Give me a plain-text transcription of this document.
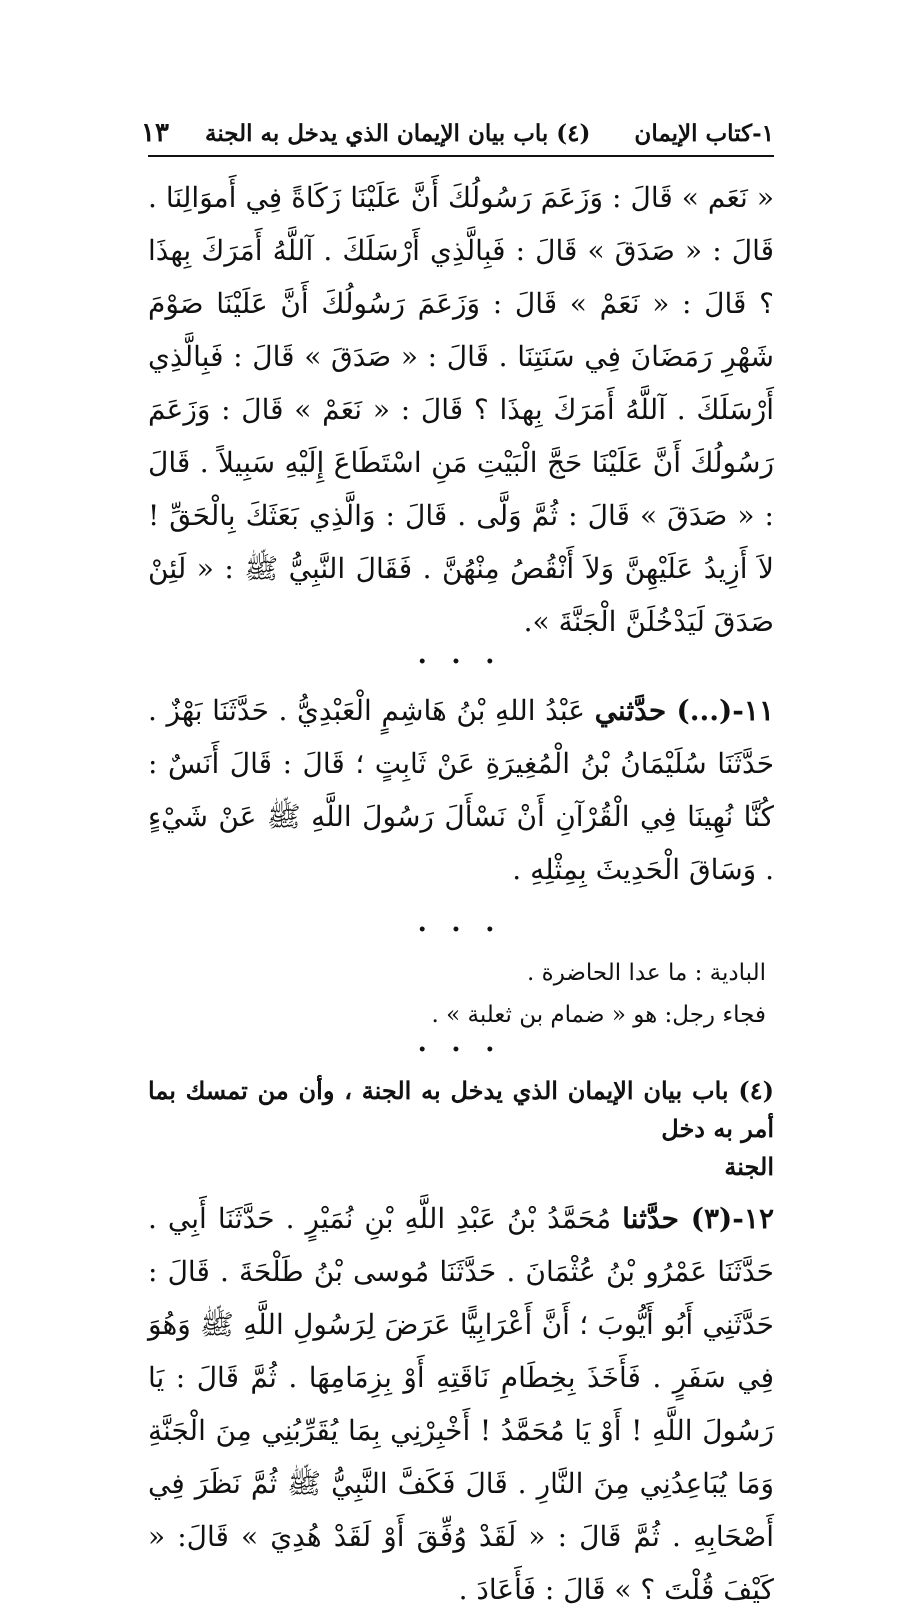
١-كتاب الإيمان (٤) باب بيان الإيمان الذي يدخل به الجنة
١٣

« نَعَم » قَالَ : وَزَعَمَ رَسُولُكَ أَنَّ عَلَيْنَا زَكَاةً فِي أَموَالِنَا . قَالَ : « صَدَقَ » قَالَ : فَبِالَّذِي أَرْسَلَكَ . آللَّهُ أَمَرَكَ بِهذَا ؟ قَالَ : « نَعَمْ » قَالَ : وَزَعَمَ رَسُولُكَ أَنَّ عَلَيْنَا صَوْمَ شَهْرِ رَمَضَانَ فِي سَنَتِنَا . قَالَ : « صَدَقَ » قَالَ : فَبِالَّذِي أَرْسَلَكَ . آللَّهُ أَمَرَكَ بِهذَا ؟ قَالَ : « نَعَمْ » قَالَ : وَزَعَمَ رَسُولُكَ أَنَّ عَلَيْنَا حَجَّ الْبَيْتِ مَنِ اسْتَطَاعَ إِلَيْهِ سَبِيلاً . قَالَ : « صَدَقَ » قَالَ : ثُمَّ وَلَّى . قَالَ : وَالَّذِي بَعَثَكَ بِالْحَقِّ ! لاَ أَزِيدُ عَلَيْهِنَّ وَلاَ أَنْقُصُ مِنْهُنَّ . فَقَالَ النَّبِيُّ ﷺ : « لَئِنْ صَدَقَ لَيَدْخُلَنَّ الْجَنَّةَ ».

• • •

١١-(...) حدَّثني عَبْدُ اللهِ بْنُ هَاشِمٍ الْعَبْدِيُّ . حَدَّثَنَا بَهْزٌ . حَدَّثَنَا سُلَيْمَانُ بْنُ الْمُغِيرَةِ عَنْ ثَابِتٍ ؛ قَالَ : قَالَ أَنَسٌ : كُنَّا نُهِينَا فِي الْقُرْآنِ أَنْ نَسْأَلَ رَسُولَ اللَّهِ ﷺ عَنْ شَيْءٍ . وَسَاقَ الْحَدِيثَ بِمِثْلِهِ .

• • •
البادية : ما عدا الحاضرة .
فجاء رجل: هو « ضمام بن ثعلبة » .
• • •
(٤) باب بيان الإيمان الذي يدخل به الجنة ، وأن من تمسك بما أمر به دخل
الجنة

١٢-(٣) حدَّثنا مُحَمَّدُ بْنُ عَبْدِ اللَّهِ بْنِ نُمَيْرٍ . حَدَّثَنَا أَبِي . حَدَّثَنَا عَمْرُو بْنُ عُثْمَانَ . حَدَّثَنَا مُوسى بْنُ طَلْحَةَ . قَالَ : حَدَّثَنِي أَبُو أَيُّوبَ ؛ أَنَّ أَعْرَابِيًّا عَرَضَ لِرَسُولِ اللَّهِ ﷺ وَهُوَ فِي سَفَرٍ . فَأَخَذَ بِخِطَامِ نَاقَتِهِ أَوْ بِزِمَامِهَا . ثُمَّ قَالَ : يَا رَسُولَ اللَّهِ ! أَوْ يَا مُحَمَّدُ ! أَخْبِرْنِي بِمَا يُقَرِّبُنِي مِنَ الْجَنَّةِ وَمَا يُبَاعِدُنِي مِنَ النَّارِ . قَالَ فَكَفَّ النَّبِيُّ ﷺ ثُمَّ نَظَرَ فِي أَصْحَابِهِ . ثُمَّ قَالَ : « لَقَدْ وُفِّقَ أَوْ لَقَدْ هُدِيَ » قَالَ: « كَيْفَ قُلْتَ ؟ » قَالَ : فَأَعَادَ .
